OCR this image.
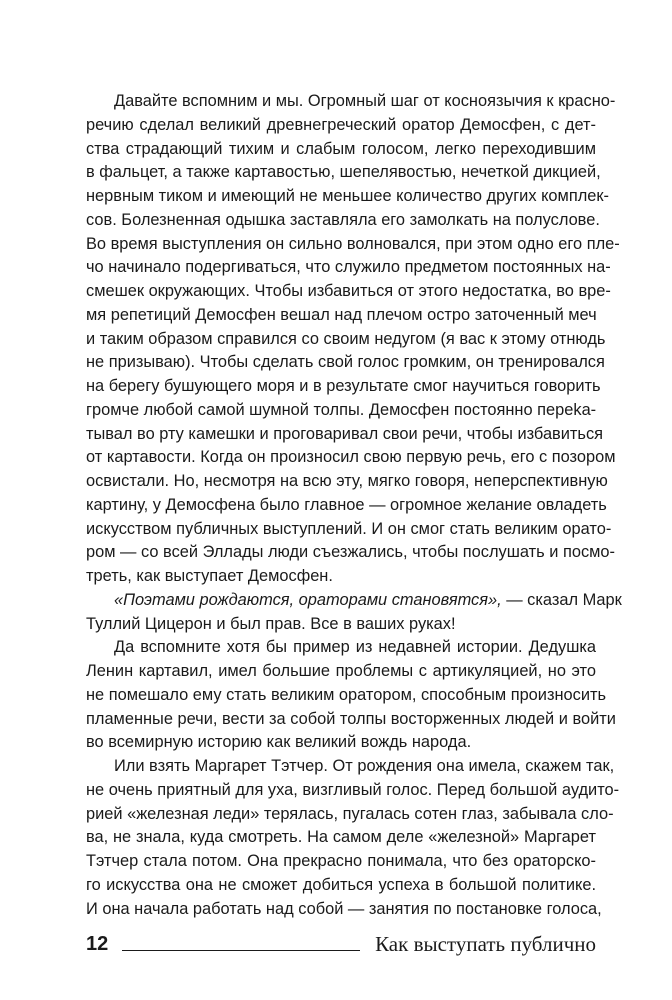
Давайте вспомним и мы. Огромный шаг от косноязычия к красно-
речию сделал великий древнегреческий оратор Демосфен, с дет-
ства страдающий тихим и слабым голосом, легко переходившим
в фальцет, а также картавостью, шепелявостью, нечеткой дикцией,
нервным тиком и имеющий не меньшее количество других комплек-
сов. Болезненная одышка заставляла его замолкать на полуслове.
Во время выступления он сильно волновался, при этом одно его пле-
чо начинало подергиваться, что служило предметом постоянных на-
смешек окружающих. Чтобы избавиться от этого недостатка, во вре-
мя репетиций Демосфен вешал над плечом остро заточенный меч
и таким образом справился со своим недугом (я вас к этому отнюдь
не призываю). Чтобы сделать свой голос громким, он тренировался
на берегу бушующего моря и в результате смог научиться говорить
громче любой самой шумной толпы. Демосфен постоянно переka-
тывал во рту камешки и проговаривал свои речи, чтобы избавиться
от картавости. Когда он произносил свою первую речь, его с позором
освистали. Но, несмотря на всю эту, мягко говоря, неперспективную
картину, у Демосфена было главное — огромное желание овладеть
искусством публичных выступлений. И он смог стать великим орато-
ром — со всей Эллады люди съезжались, чтобы послушать и посмо-
треть, как выступает Демосфен.
«Поэтами рождаются, ораторами становятся», — сказал Марк
Туллий Цицерон и был прав. Все в ваших руках!
Да вспомните хотя бы пример из недавней истории. Дедушка
Ленин картавил, имел большие проблемы с артикуляцией, но это
не помешало ему стать великим оратором, способным произносить
пламенные речи, вести за собой толпы восторженных людей и войти
во всемирную историю как великий вождь народа.
Или взять Маргарет Тэтчер. От рождения она имела, скажем так,
не очень приятный для уха, визгливый голос. Перед большой аудито-
рией «железная леди» терялась, пугалась сотен глаз, забывала сло-
ва, не знала, куда смотреть. На самом деле «железной» Маргарет
Тэтчер стала потом. Она прекрасно понимала, что без ораторско-
го искусства она не сможет добиться успеха в большой политике.
И она начала работать над собой — занятия по постановке голоса,
12	Как выступать публично
